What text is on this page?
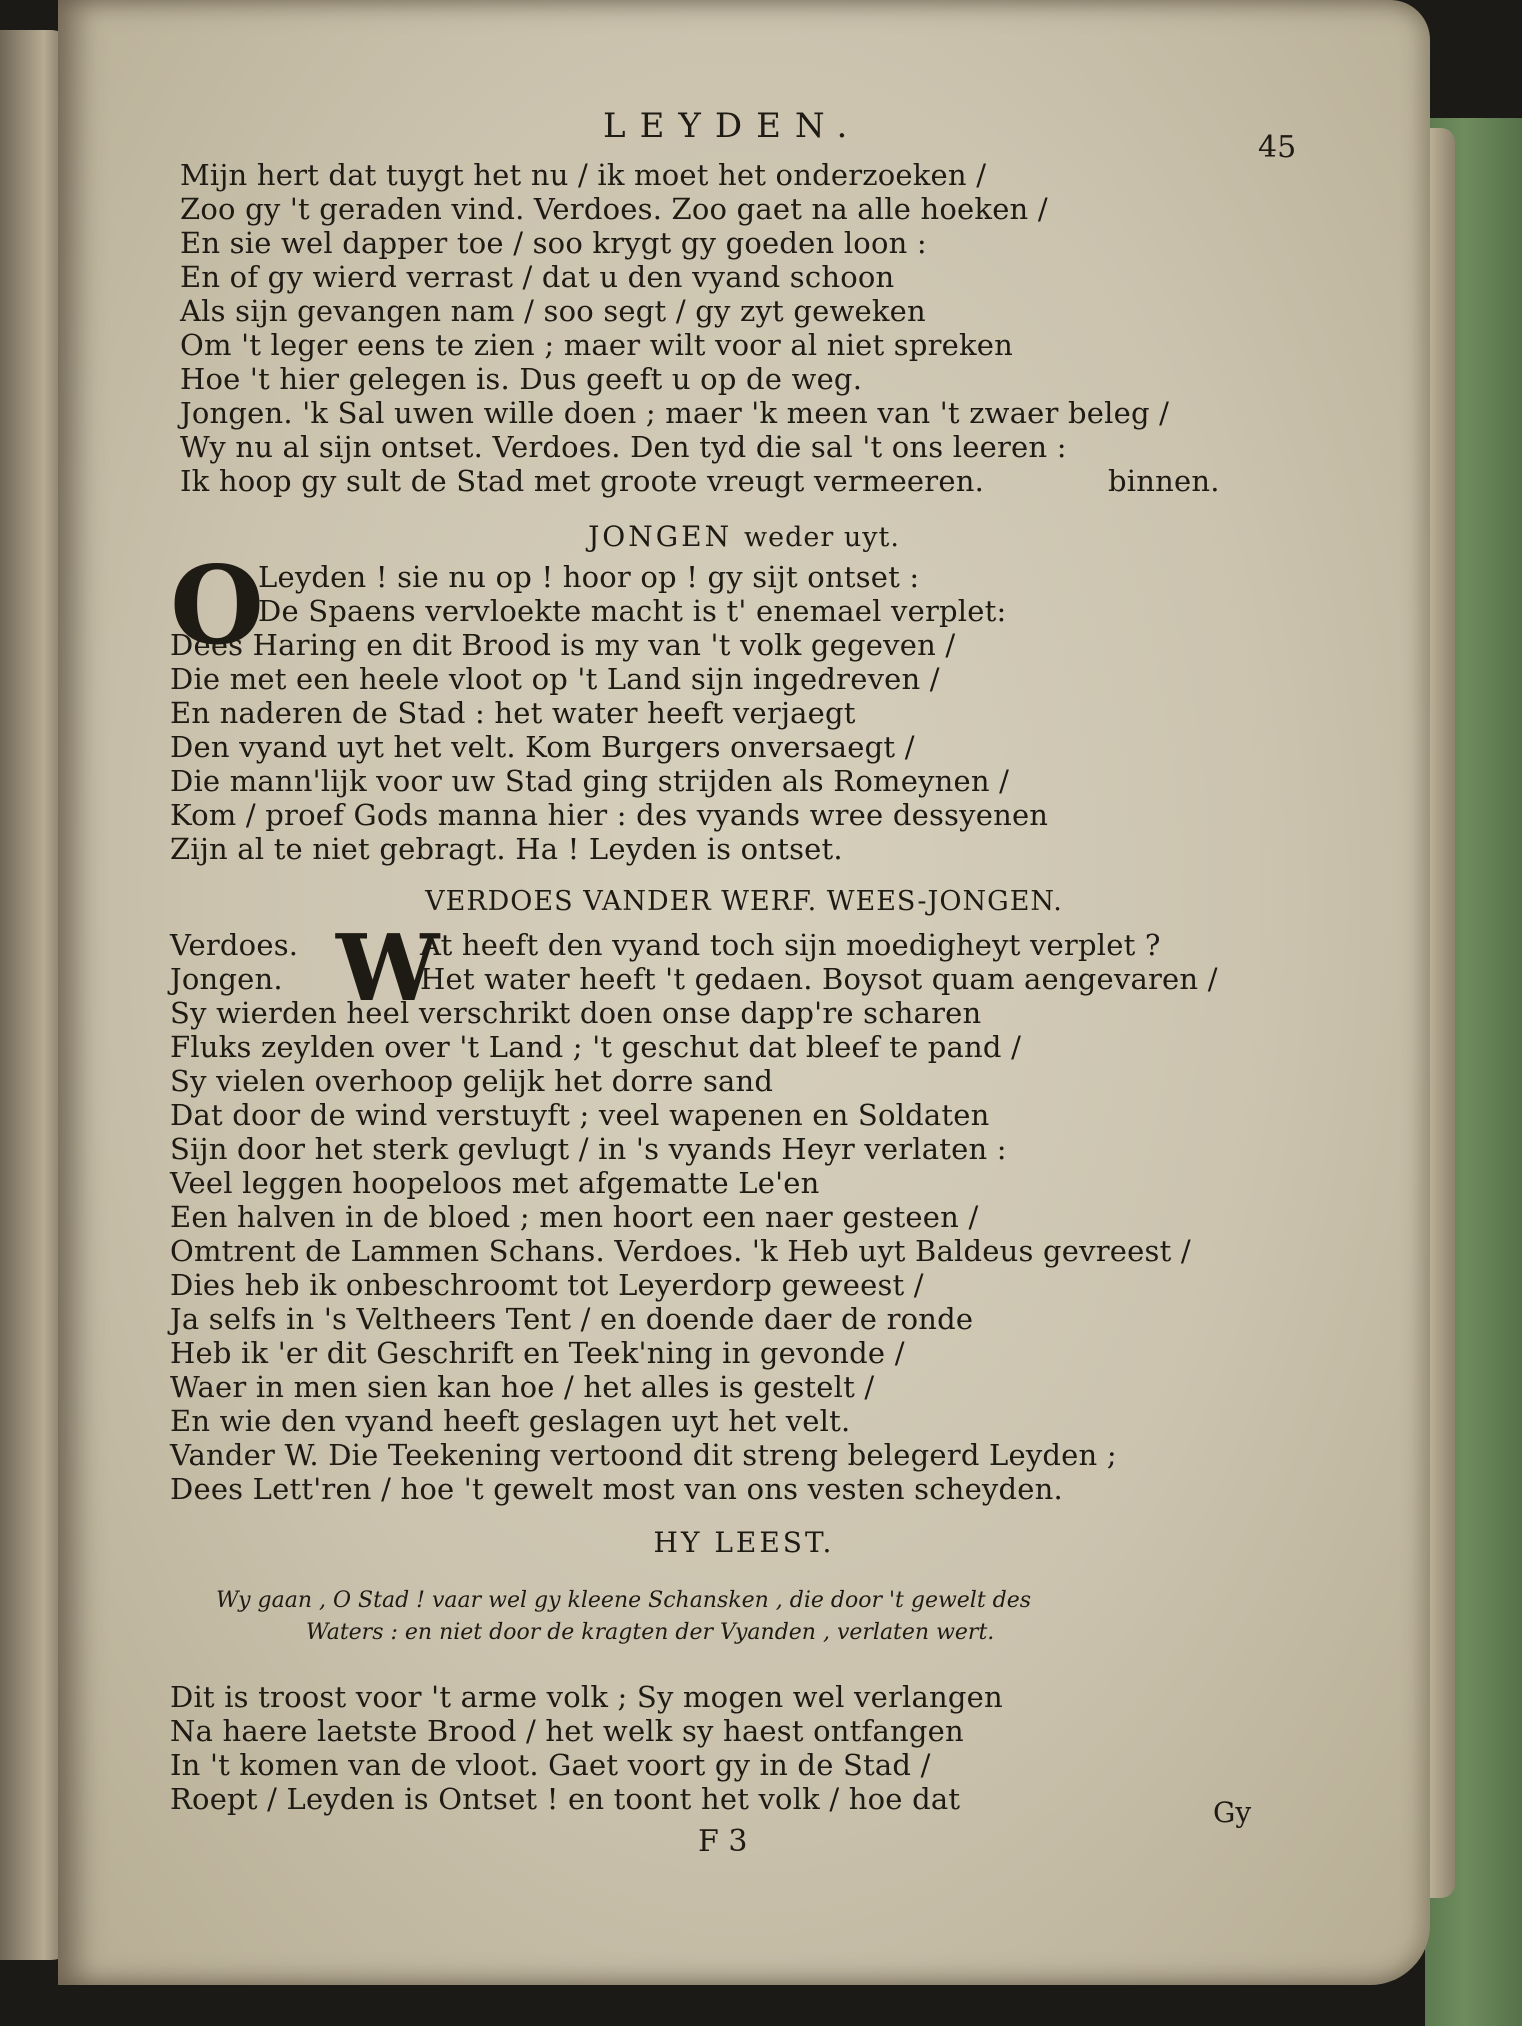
LEYDEN.
45
Mijn hert dat tuygt het nu / ik moet het onderzoeken /
Zoo gy 't geraden vind. Verdoes. Zoo gaet na alle hoeken /
En sie wel dapper toe / soo krygt gy goeden loon :
En of gy wierd verrast / dat u den vyand schoon
Als sijn gevangen nam / soo segt / gy zyt geweken
Om 't leger eens te zien ; maer wilt voor al niet spreken
Hoe 't hier gelegen is. Dus geeft u op de weg.
Jongen. 'k Sal uwen wille doen ; maer 'k meen van 't zwaer beleg /
Wy nu al sijn ontset. Verdoes. Den tyd die sal 't ons leeren :
Ik hoop gy sult de Stad met groote vreugt vermeeren.	binnen.
JONGEN weder uyt.
O
Leyden ! sie nu op ! hoor op ! gy sijt ontset :
De Spaens vervloekte macht is t' enemael verplet:
Dees Haring en dit Brood is my van 't volk gegeven /
Die met een heele vloot op 't Land sijn ingedreven /
En naderen de Stad : het water heeft verjaegt
Den vyand uyt het velt. Kom Burgers onversaegt /
Die mann'lijk voor uw Stad ging strijden als Romeynen /
Kom / proef Gods manna hier : des vyands wree dessyenen
Zijn al te niet gebragt. Ha ! Leyden is ontset.
VERDOES VANDER WERF. WEES-JONGEN.
Verdoes.
Jongen. W
At heeft den vyand toch sijn moedigheyt verplet ?
Het water heeft 't gedaen. Boysot quam aengevaren /
Sy wierden heel verschrikt doen onse dapp're scharen
Fluks zeylden over 't Land ; 't geschut dat bleef te pand /
Sy vielen overhoop gelijk het dorre sand
Dat door de wind verstuyft ; veel wapenen en Soldaten
Sijn door het sterk gevlugt / in 's vyands Heyr verlaten :
Veel leggen hoopeloos met afgematte Le'en
Een halven in de bloed ; men hoort een naer gesteen /
Omtrent de Lammen Schans. Verdoes. 'k Heb uyt Baldeus gevreest /
Dies heb ik onbeschroomt tot Leyerdorp geweest /
Ja selfs in 's Veltheers Tent / en doende daer de ronde
Heb ik 'er dit Geschrift en Teek'ning in gevonde /
Waer in men sien kan hoe / het alles is gestelt /
En wie den vyand heeft geslagen uyt het velt.
Vander W. Die Teekening vertoond dit streng belegerd Leyden ;
Dees Lett'ren / hoe 't gewelt most van ons vesten scheyden.
HY LEEST.
Wy gaan , O Stad ! vaar wel gy kleene Schansken , die door 't gewelt des
Waters : en niet door de kragten der Vyanden , verlaten wert.
Dit is troost voor 't arme volk ; Sy mogen wel verlangen
Na haere laetste Brood / het welk sy haest ontfangen
In 't komen van de vloot. Gaet voort gy in de Stad /
Roept / Leyden is Ontset ! en toont het volk / hoe dat
F 3
Gy
